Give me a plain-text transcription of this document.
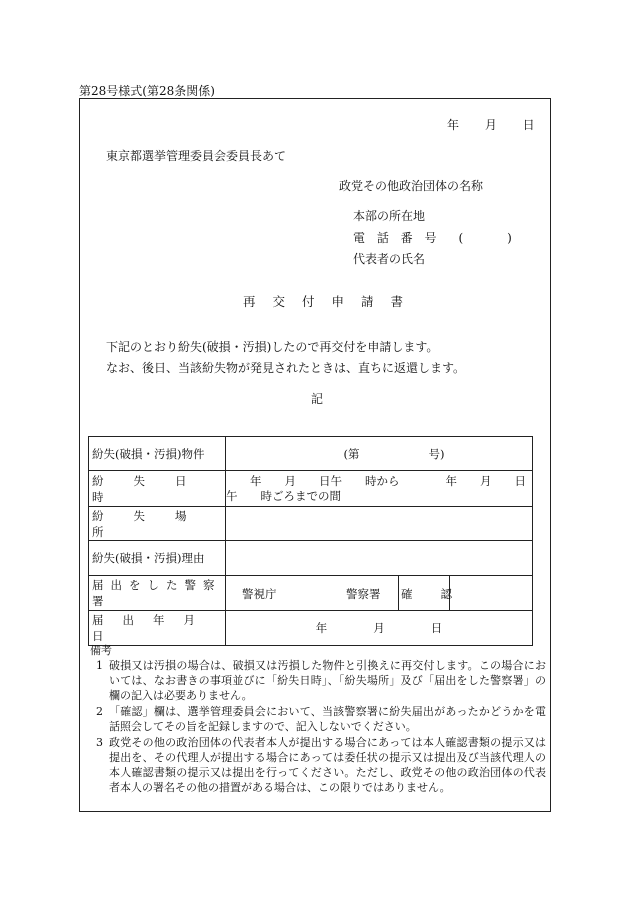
第28号様式(第28条関係)
年 月 日
東京都選挙管理委員会委員長あて
政党その他政治団体の名称
本部の所在地
電 話 番 号 (　　　)
代表者の氏名
再交付申請書
下記のとおり紛失(破損・汚損)したので再交付を申請します。
なお、後日、当該紛失物が発見されたときは、直ちに返還します。
記
紛失(破損・汚損)物件	(第　　　　　　号)

紛失日時	年　　月　　日午　　時から　　　　年　　月　　日
午　　時ごろまでの間

紛失場所	

紛失(破損・汚損)理由	

届出をした警察署	警視庁 警察署 確認

届出年月日	年　　　　月　　　　日
備考
1 破損又は汚損の場合は、破損又は汚損した物件と引換えに再交付します。この場合においては、なお書きの事項並びに「紛失日時」、「紛失場所」及び「届出をした警察署」の欄の記入は必要ありません。
2 「確認」欄は、選挙管理委員会において、当該警察署に紛失届出があったかどうかを電話照会してその旨を記録しますので、記入しないでください。
3 政党その他の政治団体の代表者本人が提出する場合にあっては本人確認書類の提示又は提出を、その代理人が提出する場合にあっては委任状の提示又は提出及び当該代理人の本人確認書類の提示又は提出を行ってください。ただし、政党その他の政治団体の代表者本人の署名その他の措置がある場合は、この限りではありません。
